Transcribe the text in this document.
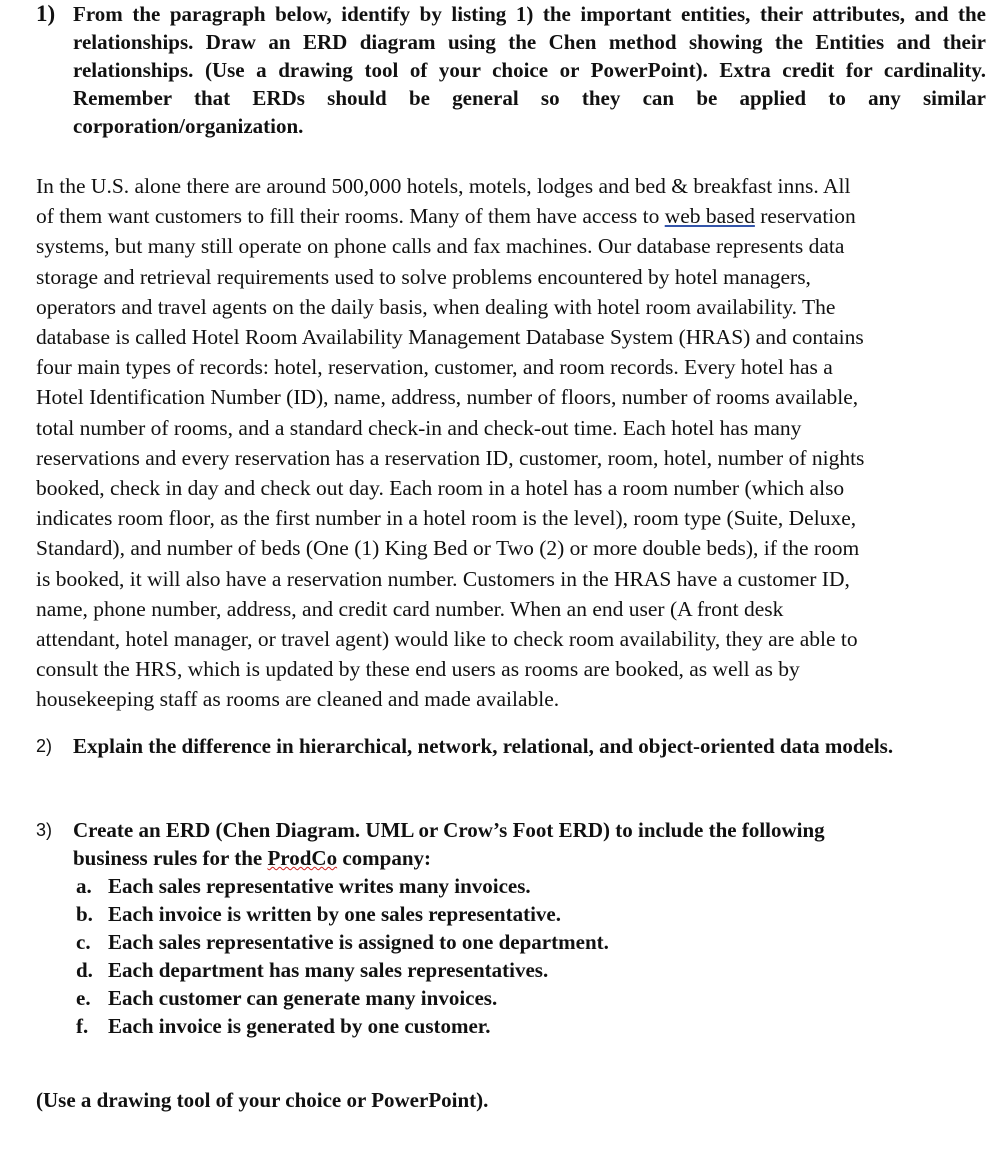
1) From the paragraph below, identify by listing 1) the important entities, their attributes, and the relationships. Draw an ERD diagram using the Chen method showing the Entities and their relationships. (Use a drawing tool of your choice or PowerPoint). Extra credit for cardinality. Remember that ERDs should be general so they can be applied to any similar corporation/organization.
In the U.S. alone there are around 500,000 hotels, motels, lodges and bed & breakfast inns. All
of them want customers to fill their rooms. Many of them have access to web based reservation
systems, but many still operate on phone calls and fax machines. Our database represents data
storage and retrieval requirements used to solve problems encountered by hotel managers,
operators and travel agents on the daily basis, when dealing with hotel room availability. The
database is called Hotel Room Availability Management Database System (HRAS) and contains
four main types of records: hotel, reservation, customer, and room records. Every hotel has a
Hotel Identification Number (ID), name, address, number of floors, number of rooms available,
total number of rooms, and a standard check-in and check-out time. Each hotel has many
reservations and every reservation has a reservation ID, customer, room, hotel, number of nights
booked, check in day and check out day. Each room in a hotel has a room number (which also
indicates room floor, as the first number in a hotel room is the level), room type (Suite, Deluxe,
Standard), and number of beds (One (1) King Bed or Two (2) or more double beds), if the room
is booked, it will also have a reservation number. Customers in the HRAS have a customer ID,
name, phone number, address, and credit card number. When an end user (A front desk
attendant, hotel manager, or travel agent) would like to check room availability, they are able to
consult the HRS, which is updated by these end users as rooms are booked, as well as by
housekeeping staff as rooms are cleaned and made available.
2) Explain the difference in hierarchical, network, relational, and object-oriented data models.
3) Create an ERD (Chen Diagram. UML or Crow’s Foot ERD) to include the following
business rules for the ProdCo company:
a. Each sales representative writes many invoices.
b. Each invoice is written by one sales representative.
c. Each sales representative is assigned to one department.
d. Each department has many sales representatives.
e. Each customer can generate many invoices.
f. Each invoice is generated by one customer.
(Use a drawing tool of your choice or PowerPoint).
